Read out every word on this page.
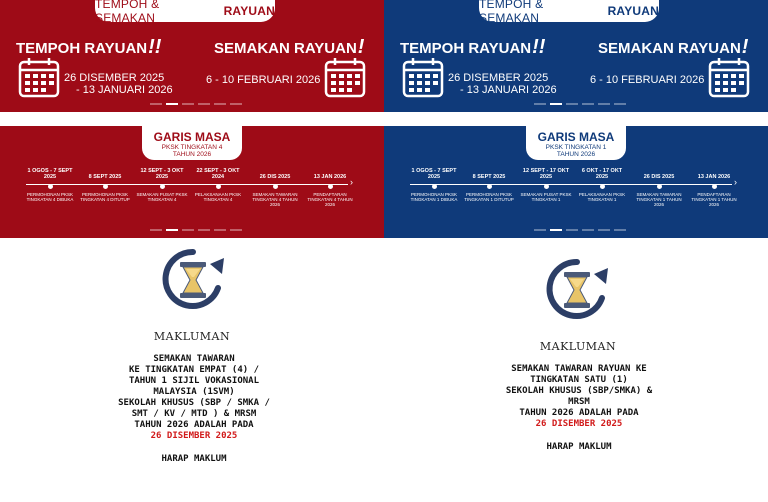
TEMPOH & SEMAKAN	RAYUAN
TEMPOH RAYUAN!!
26 DISEMBER 2025
- 13 JANUARI 2026
SEMAKAN RAYUAN!
6 - 10 FEBRUARI 2026
TEMPOH & SEMAKAN	RAYUAN
TEMPOH RAYUAN!!
26 DISEMBER 2025
- 13 JANUARI 2026
SEMAKAN RAYUAN!
6 - 10 FEBRUARI 2026
GARIS MASA
PKSK TINGKATAN 4
TAHUN 2026
›
1 OGOS - 7 SEPT 2025
PERMOHONAN PKSK TINGKATAN 4 DIBUKA
8 SEPT 2025
PERMOHONAN PKSK TINGKATAN 4 DITUTUP
12 SEPT - 3 OKT 2025
SEMAKAN PUSAT PKSK TINGKATAN 4
22 SEPT - 3 OKT 2024
PELAKSANAAN PKSK TINGKATAN 4
26 DIS 2025
SEMAKAN TAWARAN TINGKATAN 4 TAHUN 2026
13 JAN 2026
PENDAFTARAN TINGKATAN 4 TAHUN 2026
GARIS MASA
PKSK TINGKATAN 1
TAHUN 2026
›
1 OGOS - 7 SEPT 2025
PERMOHONAN PKSK TINGKATAN 1 DIBUKA
8 SEPT 2025
PERMOHONAN PKSK TINGKATAN 1 DITUTUP
12 SEPT - 17 OKT 2025
SEMAKAN PUSAT PKSK TINGKATAN 1
6 OKT - 17 OKT 2025
PELAKSANAAN PKSK TINGKATAN 1
26 DIS 2025
SEMAKAN TAWARAN TINGKATAN 1 TAHUN 2026
13 JAN 2026
PENDAFTARAN TINGKATAN 1 TAHUN 2026
MAKLUMAN
SEMAKAN TAWARAN
KE TINGKATAN EMPAT (4) /
TAHUN 1 SIJIL VOKASIONAL
MALAYSIA (1SVM)
SEKOLAH KHUSUS (SBP / SMKA /
SMT / KV / MTD ) & MRSM
TAHUN 2026 ADALAH PADA
26 DISEMBER 2025
HARAP MAKLUM
MAKLUMAN
SEMAKAN TAWARAN RAYUAN KE
TINGKATAN SATU (1)
SEKOLAH KHUSUS (SBP/SMKA) &
MRSM
TAHUN 2026 ADALAH PADA
26 DISEMBER 2025
HARAP MAKLUM
